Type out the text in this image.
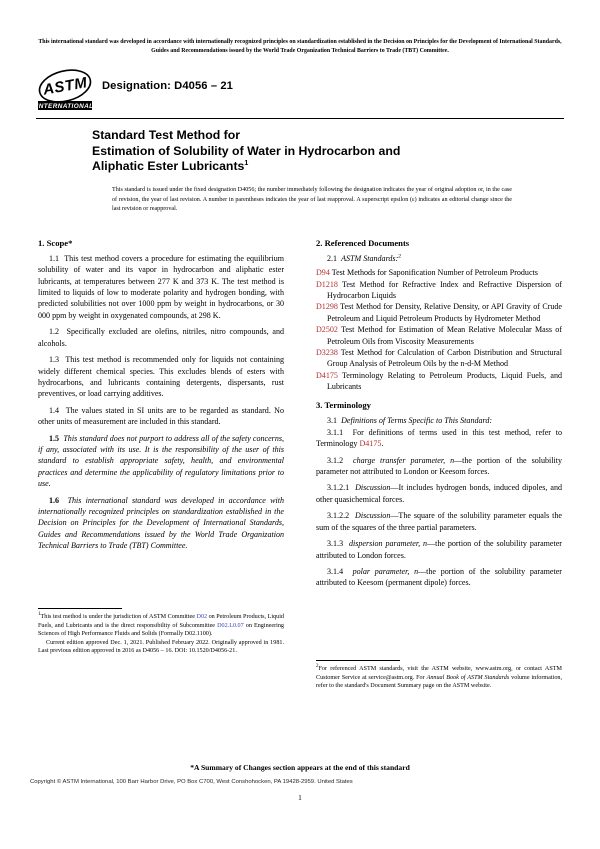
This international standard was developed in accordance with internationally recognized principles on standardization established in the Decision on Principles for the Development of International Standards, Guides and Recommendations issued by the World Trade Organization Technical Barriers to Trade (TBT) Committee.
ASTM
INTERNATIONAL
Designation: D4056 – 21
Standard Test Method for
Estimation of Solubility of Water in Hydrocarbon and
Aliphatic Ester Lubricants$^1$
This standard is issued under the fixed designation D4056; the number immediately following the designation indicates the year of original adoption or, in the case of revision, the year of last revision. A number in parentheses indicates the year of last reapproval. A superscript epsilon (ε) indicates an editorial change since the last revision or reapproval.
1. Scope*

1.1 This test method covers a procedure for estimating the equilibrium solubility of water and its vapor in hydrocarbon and aliphatic ester lubricants, at temperatures between 277 K and 373 K. The test method is limited to liquids of low to moderate polarity and hydrogen bonding, with predicted solubilities not over 1000 ppm by weight in hydrocarbons, or 30 000 ppm by weight in oxygenated compounds, at 298 K.

1.2 Specifically excluded are olefins, nitriles, nitro compounds, and alcohols.

1.3 This test method is recommended only for liquids not containing widely different chemical species. This excludes blends of esters with hydrocarbons, and lubricants containing detergents, dispersants, rust preventives, or load carrying additives.

1.4 The values stated in SI units are to be regarded as standard. No other units of measurement are included in this standard.

1.5 This standard does not purport to address all of the safety concerns, if any, associated with its use. It is the responsibility of the user of this standard to establish appropriate safety, health, and environmental practices and determine the applicability of regulatory limitations prior to use.

1.6 This international standard was developed in accordance with internationally recognized principles on standardization established in the Decision on Principles for the Development of International Standards, Guides and Recommendations issued by the World Trade Organization Technical Barriers to Trade (TBT) Committee.

$^1$This test method is under the jurisdiction of ASTM Committee D02 on Petroleum Products, Liquid Fuels, and Lubricants and is the direct responsibility of Subcommittee D02.L0.07 on Engineering Sciences of High Performance Fluids and Solids (Formally D02.1100).

Current edition approved Dec. 1, 2021. Published February 2022. Originally approved in 1981. Last previous edition approved in 2016 as D4056 – 16. DOI: 10.1520/D4056-21.

2. Referenced Documents

2.1 ASTM Standards:$^2$

D94 Test Methods for Saponification Number of Petroleum Products

D1218 Test Method for Refractive Index and Refractive Dispersion of Hydrocarbon Liquids

D1298 Test Method for Density, Relative Density, or API Gravity of Crude Petroleum and Liquid Petroleum Products by Hydrometer Method

D2502 Test Method for Estimation of Mean Relative Molecular Mass of Petroleum Oils from Viscosity Measurements

D3238 Test Method for Calculation of Carbon Distribution and Structural Group Analysis of Petroleum Oils by the n-d-M Method

D4175 Terminology Relating to Petroleum Products, Liquid Fuels, and Lubricants

3. Terminology

3.1 Definitions of Terms Specific to This Standard:

3.1.1 For definitions of terms used in this test method, refer to Terminology D4175.

3.1.2 charge transfer parameter, n—the portion of the solubility parameter not attributed to London or Keesom forces.

3.1.2.1 Discussion—It includes hydrogen bonds, induced dipoles, and other quasichemical forces.

3.1.2.2 Discussion—The square of the solubility parameter equals the sum of the squares of the three partial parameters.

3.1.3 dispersion parameter, n—the portion of the solubility parameter attributed to London forces.

3.1.4 polar parameter, n—the portion of the solubility parameter attributed to Keesom (permanent dipole) forces.

$^2$For referenced ASTM standards, visit the ASTM website, www.astm.org, or contact ASTM Customer Service at service@astm.org. For Annual Book of ASTM Standards volume information, refer to the standard's Document Summary page on the ASTM website.

*A Summary of Changes section appears at the end of this standard
Copyright © ASTM International, 100 Barr Harbor Drive, PO Box C700, West Conshohocken, PA 19428-2959. United States
1
